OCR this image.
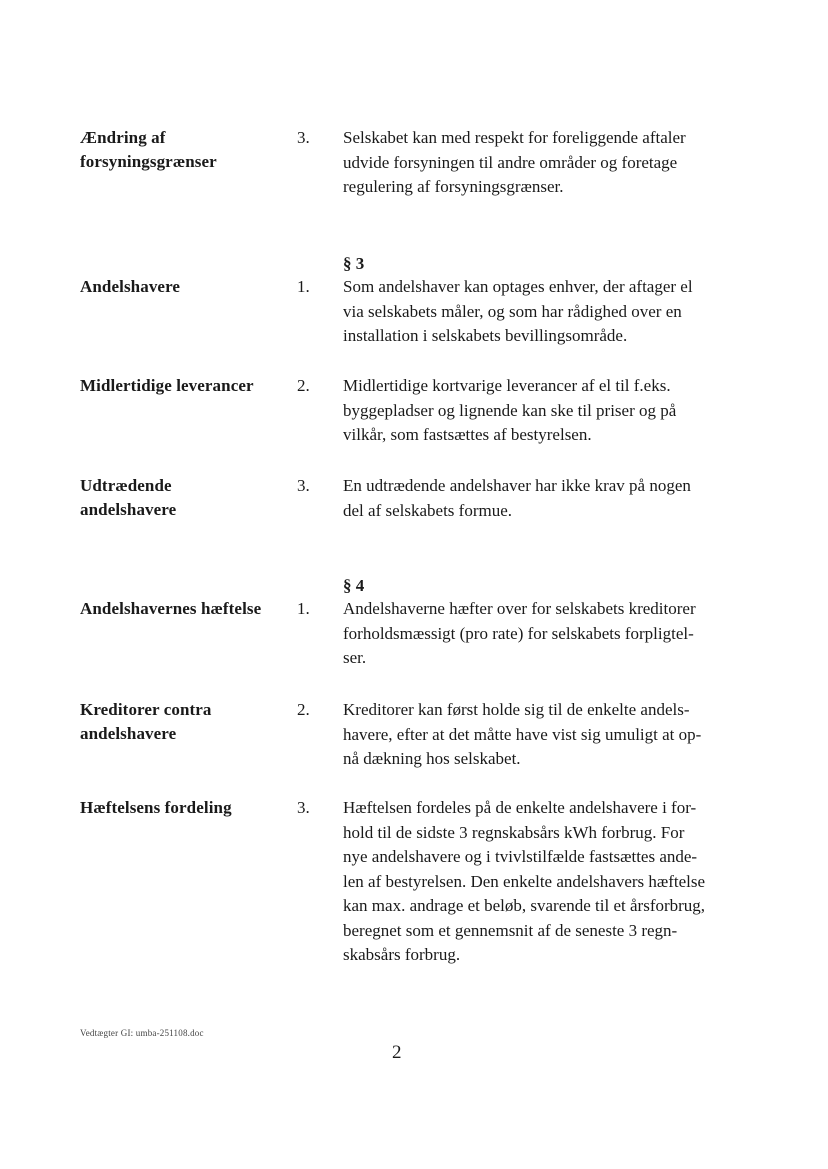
Ændring af
forsyningsgrænser
3.	Selskabet kan med respekt for foreliggende aftaler
udvide forsyningen til andre områder og foretage
regulering af forsyningsgrænser.
§ 3
Andelshavere	1.	Som andelshaver kan optages enhver, der aftager el
via selskabets måler, og som har rådighed over en
installation i selskabets bevillingsområde.
Midlertidige leverancer	2.	Midlertidige kortvarige leverancer af el til f.eks.
byggepladser og lignende kan ske til priser og på
vilkår, som fastsættes af bestyrelsen.
Udtrædende
andelshavere
3.	En udtrædende andelshaver har ikke krav på nogen
del af selskabets formue.
§ 4
Andelshavernes hæftelse	1.	Andelshaverne hæfter over for selskabets kreditorer
forholdsmæssigt (pro rate) for selskabets forpligtel-
ser.
Kreditorer contra
andelshavere
2.	Kreditorer kan først holde sig til de enkelte andels-
havere, efter at det måtte have vist sig umuligt at op-
nå dækning hos selskabet.
Hæftelsens fordeling	3.	Hæftelsen fordeles på de enkelte andelshavere i for-
hold til de sidste 3 regnskabsårs kWh forbrug. For
nye andelshavere og i tvivlstilfælde fastsættes ande-
len af bestyrelsen. Den enkelte andelshavers hæftelse
kan max. andrage et beløb, svarende til et årsforbrug,
beregnet som et gennemsnit af de seneste 3 regn-
skabsårs forbrug.
Vedtægter GI: umba-251108.doc
2
